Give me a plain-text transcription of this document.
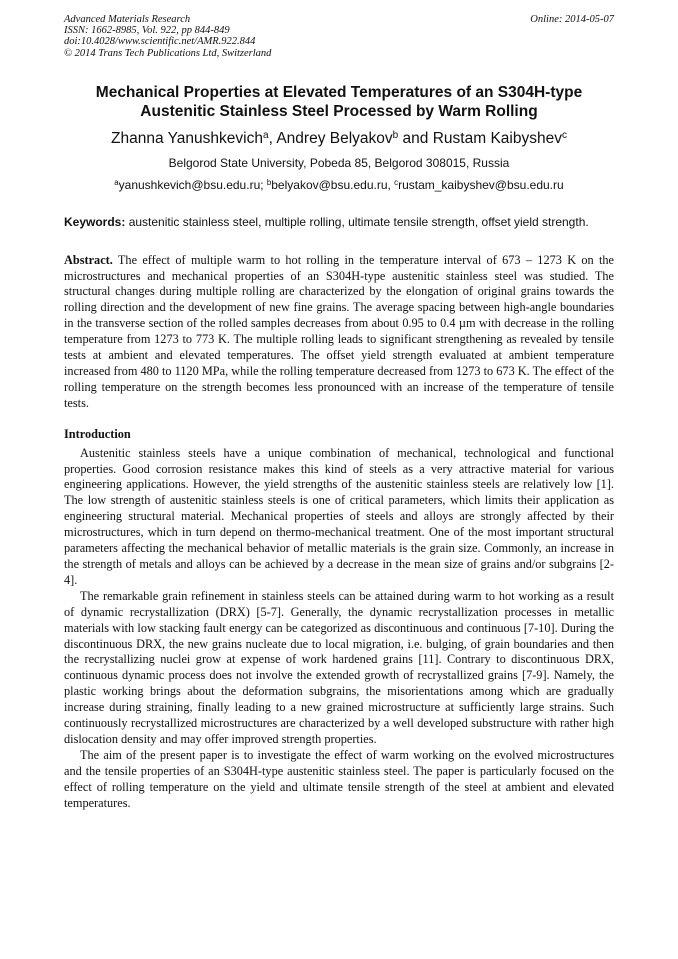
Advanced Materials Research
ISSN: 1662-8985, Vol. 922, pp 844-849
doi:10.4028/www.scientific.net/AMR.922.844
© 2014 Trans Tech Publications Ltd, Switzerland
Online: 2014-05-07
Mechanical Properties at Elevated Temperatures of an S304H-type
Austenitic Stainless Steel Processed by Warm Rolling
Zhanna Yanushkevich$^a$, Andrey Belyakov$^b$ and Rustam Kaibyshev$^c$
Belgorod State University, Pobeda 85, Belgorod 308015, Russia
$^a$yanushkevich@bsu.edu.ru; $^b$belyakov@bsu.edu.ru, $^c$rustam_kaibyshev@bsu.edu.ru
Keywords: austenitic stainless steel, multiple rolling, ultimate tensile strength, offset yield strength.
Abstract. The effect of multiple warm to hot rolling in the temperature interval of 673 – 1273 K on the microstructures and mechanical properties of an S304H-type austenitic stainless steel was studied. The structural changes during multiple rolling are characterized by the elongation of original grains towards the rolling direction and the development of new fine grains. The average spacing between high-angle boundaries in the transverse section of the rolled samples decreases from about 0.95 to 0.4 µm with decrease in the rolling temperature from 1273 to 773 K. The multiple rolling leads to significant strengthening as revealed by tensile tests at ambient and elevated temperatures. The offset yield strength evaluated at ambient temperature increased from 480 to 1120 MPa, while the rolling temperature decreased from 1273 to 673 K. The effect of the rolling temperature on the strength becomes less pronounced with an increase of the temperature of tensile tests.
Introduction

Austenitic stainless steels have a unique combination of mechanical, technological and functional properties. Good corrosion resistance makes this kind of steels as a very attractive material for various engineering applications. However, the yield strengths of the austenitic stainless steels are relatively low [1]. The low strength of austenitic stainless steels is one of critical parameters, which limits their application as engineering structural material. Mechanical properties of steels and alloys are strongly affected by their microstructures, which in turn depend on thermo-mechanical treatment. One of the most important structural parameters affecting the mechanical behavior of metallic materials is the grain size. Commonly, an increase in the strength of metals and alloys can be achieved by a decrease in the mean size of grains and/or subgrains [2-4].

The remarkable grain refinement in stainless steels can be attained during warm to hot working as a result of dynamic recrystallization (DRX) [5-7]. Generally, the dynamic recrystallization processes in metallic materials with low stacking fault energy can be categorized as discontinuous and continuous [7-10]. During the discontinuous DRX, the new grains nucleate due to local migration, i.e. bulging, of grain boundaries and then the recrystallizing nuclei grow at expense of work hardened grains [11]. Contrary to discontinuous DRX, continuous dynamic process does not involve the extended growth of recrystallized grains [7-9]. Namely, the plastic working brings about the deformation subgrains, the misorientations among which are gradually increase during straining, finally leading to a new grained microstructure at sufficiently large strains. Such continuously recrystallized microstructures are characterized by a well developed substructure with rather high dislocation density and may offer improved strength properties.

The aim of the present paper is to investigate the effect of warm working on the evolved microstructures and the tensile properties of an S304H-type austenitic stainless steel. The paper is particularly focused on the effect of rolling temperature on the yield and ultimate tensile strength of the steel at ambient and elevated temperatures.
